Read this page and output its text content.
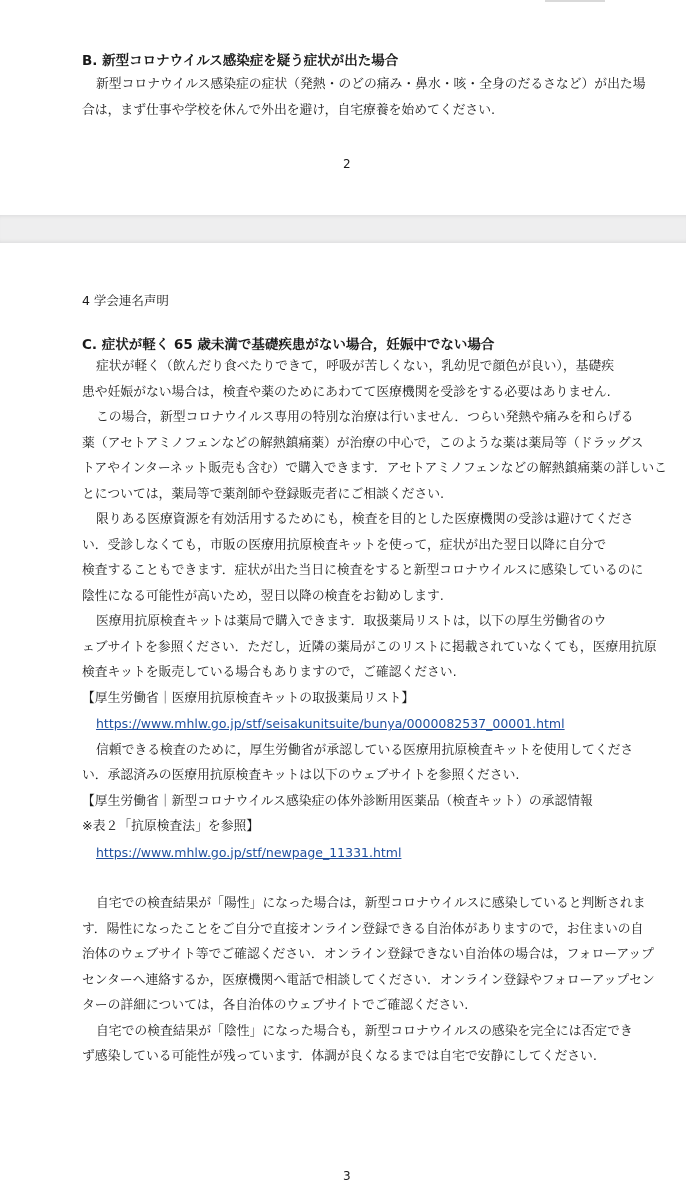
B. 新型コロナウイルス感染症を疑う症状が出た場合
新型コロナウイルス感染症の症状（発熱・のどの痛み・鼻水・咳・全身のだるさなど）が出た場
合は，まず仕事や学校を休んで外出を避け，自宅療養を始めてください.
2
4 学会連名声明
C. 症状が軽く 65 歳未満で基礎疾患がない場合，妊娠中でない場合
症状が軽く（飲んだり食べたりできて，呼吸が苦しくない，乳幼児で顔色が良い），基礎疾
患や妊娠がない場合は，検査や薬のためにあわてて医療機関を受診をする必要はありません.
この場合，新型コロナウイルス専用の特別な治療は行いません．つらい発熱や痛みを和らげる
薬（アセトアミノフェンなどの解熱鎮痛薬）が治療の中心で，このような薬は薬局等（ドラッグス
トアやインターネット販売も含む）で購入できます．アセトアミノフェンなどの解熱鎮痛薬の詳しいこ
とについては，薬局等で薬剤師や登録販売者にご相談ください.
限りある医療資源を有効活用するためにも，検査を目的とした医療機関の受診は避けてくださ
い．受診しなくても，市販の医療用抗原検査キットを使って，症状が出た翌日以降に自分で
検査することもできます．症状が出た当日に検査をすると新型コロナウイルスに感染しているのに
陰性になる可能性が高いため，翌日以降の検査をお勧めします.
医療用抗原検査キットは薬局で購入できます．取扱薬局リストは，以下の厚生労働省のウ
ェブサイトを参照ください．ただし，近隣の薬局がこのリストに掲載されていなくても，医療用抗原
検査キットを販売している場合もありますので，ご確認ください.
【厚生労働省｜医療用抗原検査キットの取扱薬局リスト】
https://www.mhlw.go.jp/stf/seisakunitsuite/bunya/0000082537_00001.html
信頼できる検査のために，厚生労働省が承認している医療用抗原検査キットを使用してくださ
い．承認済みの医療用抗原検査キットは以下のウェブサイトを参照ください.
【厚生労働省｜新型コロナウイルス感染症の体外診断用医薬品（検査キット）の承認情報
※表２「抗原検査法」を参照】
https://www.mhlw.go.jp/stf/newpage_11331.html
自宅での検査結果が「陽性」になった場合は，新型コロナウイルスに感染していると判断されま
す．陽性になったことをご自分で直接オンライン登録できる自治体がありますので，お住まいの自
治体のウェブサイト等でご確認ください．オンライン登録できない自治体の場合は，フォローアップ
センターへ連絡するか，医療機関へ電話で相談してください．オンライン登録やフォローアップセン
ターの詳細については，各自治体のウェブサイトでご確認ください.
自宅での検査結果が「陰性」になった場合も，新型コロナウイルスの感染を完全には否定でき
ず感染している可能性が残っています．体調が良くなるまでは自宅で安静にしてください.
3
